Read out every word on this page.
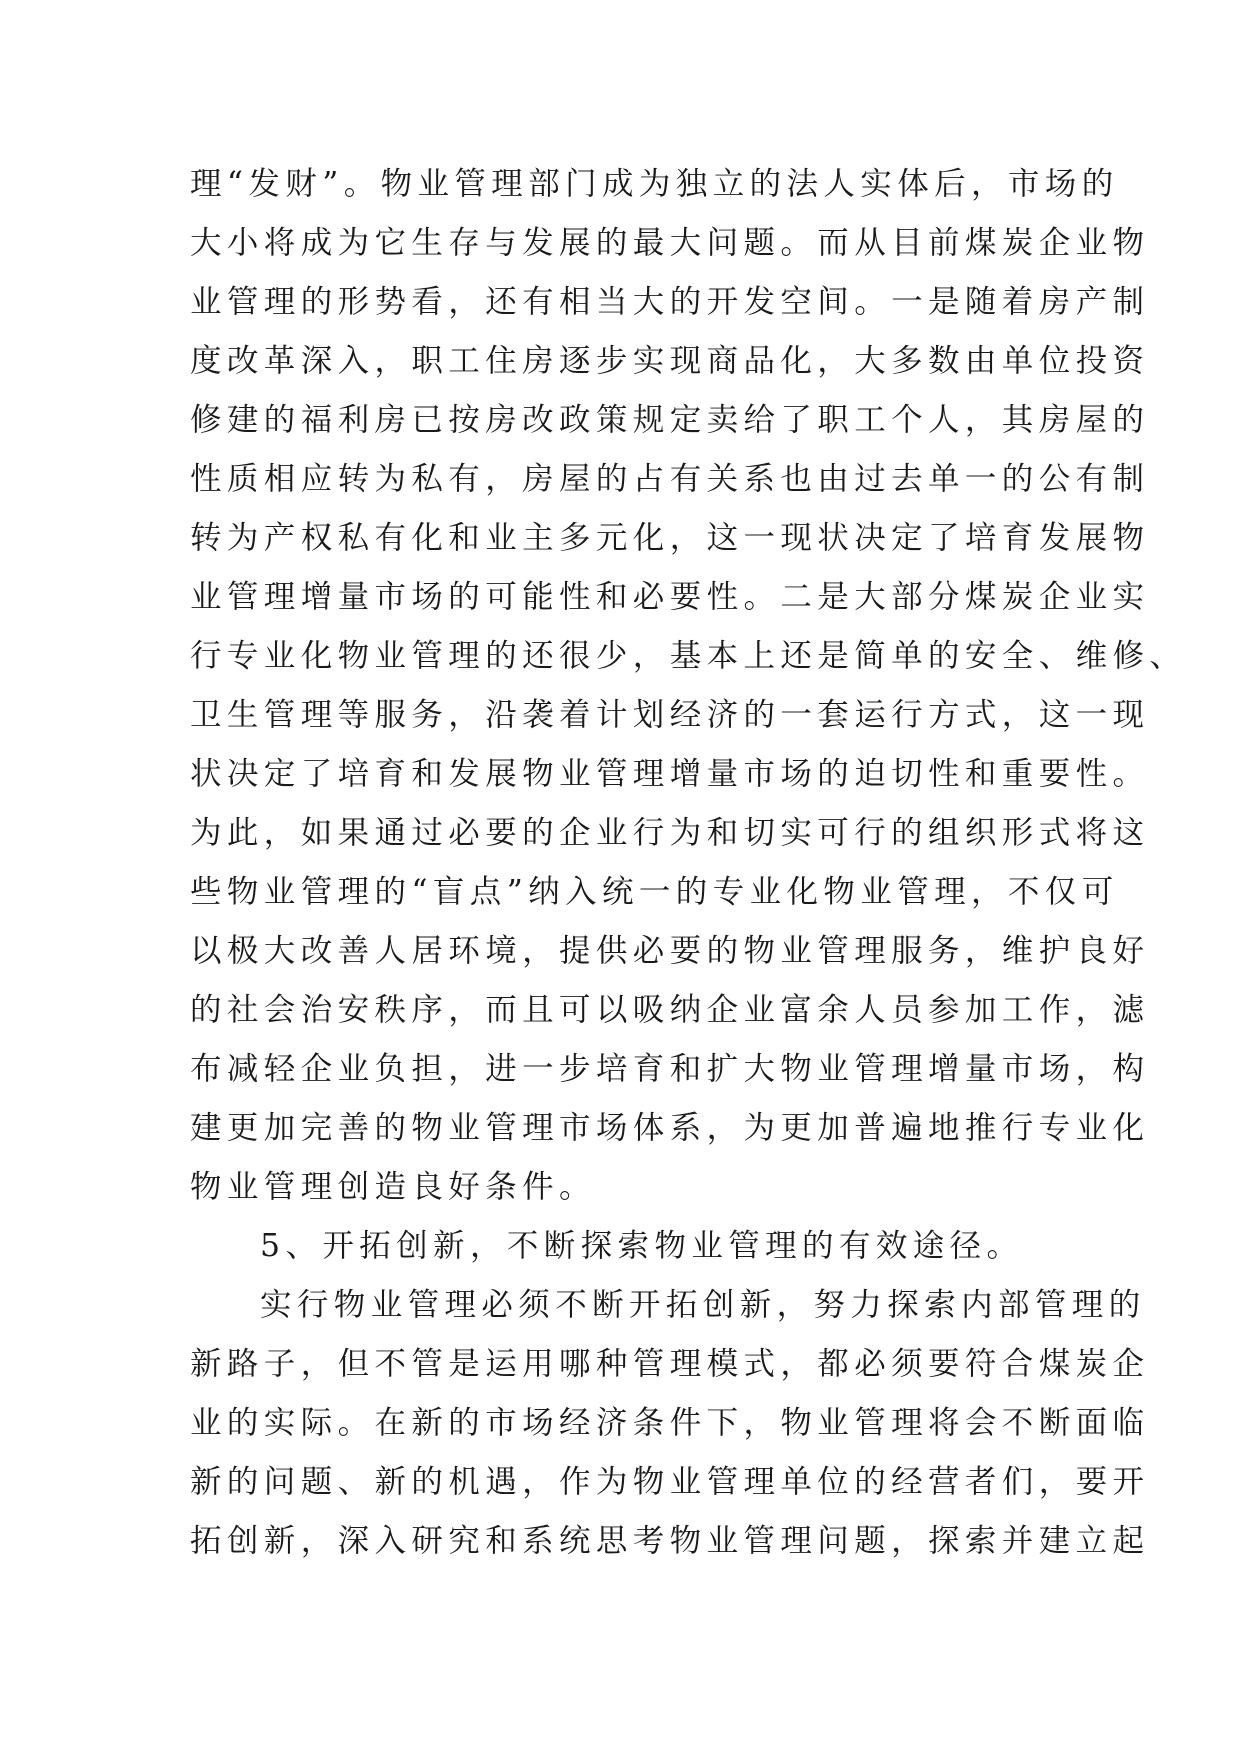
理“发财”。物业管理部门成为独立的法人实体后，市场的
大小将成为它生存与发展的最大问题。而从目前煤炭企业物
业管理的形势看，还有相当大的开发空间。一是随着房产制
度改革深入，职工住房逐步实现商品化，大多数由单位投资
修建的福利房已按房改政策规定卖给了职工个人，其房屋的
性质相应转为私有，房屋的占有关系也由过去单一的公有制
转为产权私有化和业主多元化，这一现状决定了培育发展物
业管理增量市场的可能性和必要性。二是大部分煤炭企业实
行专业化物业管理的还很少，基本上还是简单的安全、维修、
卫生管理等服务，沿袭着计划经济的一套运行方式，这一现
状决定了培育和发展物业管理增量市场的迫切性和重要性。
为此，如果通过必要的企业行为和切实可行的组织形式将这
些物业管理的“盲点”纳入统一的专业化物业管理，不仅可
以极大改善人居环境，提供必要的物业管理服务，维护良好
的社会治安秩序，而且可以吸纳企业富余人员参加工作，滤
布减轻企业负担，进一步培育和扩大物业管理增量市场，构
建更加完善的物业管理市场体系，为更加普遍地推行专业化
物业管理创造良好条件。
5、开拓创新，不断探索物业管理的有效途径。
实行物业管理必须不断开拓创新，努力探索内部管理的
新路子，但不管是运用哪种管理模式，都必须要符合煤炭企
业的实际。在新的市场经济条件下，物业管理将会不断面临
新的问题、新的机遇，作为物业管理单位的经营者们，要开
拓创新，深入研究和系统思考物业管理问题，探索并建立起
